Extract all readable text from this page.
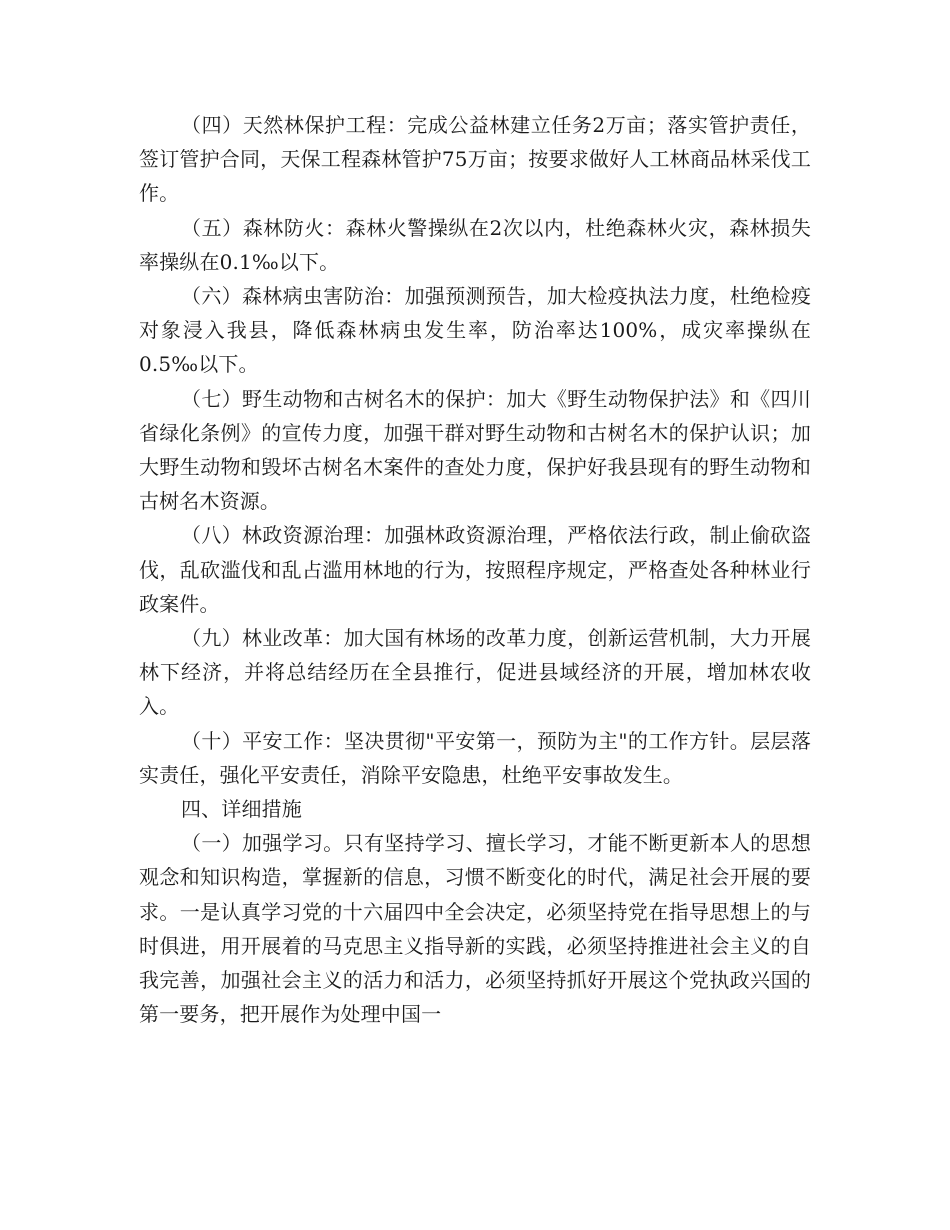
（四）天然林保护工程：完成公益林建立任务2万亩；落实管护责任，签订管护合同，天保工程森林管护75万亩；按要求做好人工林商品林采伐工作。

（五）森林防火：森林火警操纵在2次以内，杜绝森林火灾，森林损失率操纵在0.1‰以下。

（六）森林病虫害防治：加强预测预告，加大检疫执法力度，杜绝检疫对象浸入我县，降低森林病虫发生率，防治率达100%，成灾率操纵在0.5‰以下。

（七）野生动物和古树名木的保护：加大《野生动物保护法》和《四川省绿化条例》的宣传力度，加强干群对野生动物和古树名木的保护认识；加大野生动物和毁坏古树名木案件的查处力度，保护好我县现有的野生动物和古树名木资源。

（八）林政资源治理：加强林政资源治理，严格依法行政，制止偷砍盗伐，乱砍滥伐和乱占滥用林地的行为，按照程序规定，严格查处各种林业行政案件。

（九）林业改革：加大国有林场的改革力度，创新运营机制，大力开展林下经济，并将总结经历在全县推行，促进县域经济的开展，增加林农收入。

（十）平安工作：坚决贯彻"平安第一，预防为主"的工作方针。层层落实责任，强化平安责任，消除平安隐患，杜绝平安事故发生。

四、详细措施

（一）加强学习。只有坚持学习、擅长学习，才能不断更新本人的思想观念和知识构造，掌握新的信息，习惯不断变化的时代，满足社会开展的要求。一是认真学习党的十六届四中全会决定，必须坚持党在指导思想上的与时俱进，用开展着的马克思主义指导新的实践，必须坚持推进社会主义的自我完善，加强社会主义的活力和活力，必须坚持抓好开展这个党执政兴国的第一要务，把开展作为处理中国一
